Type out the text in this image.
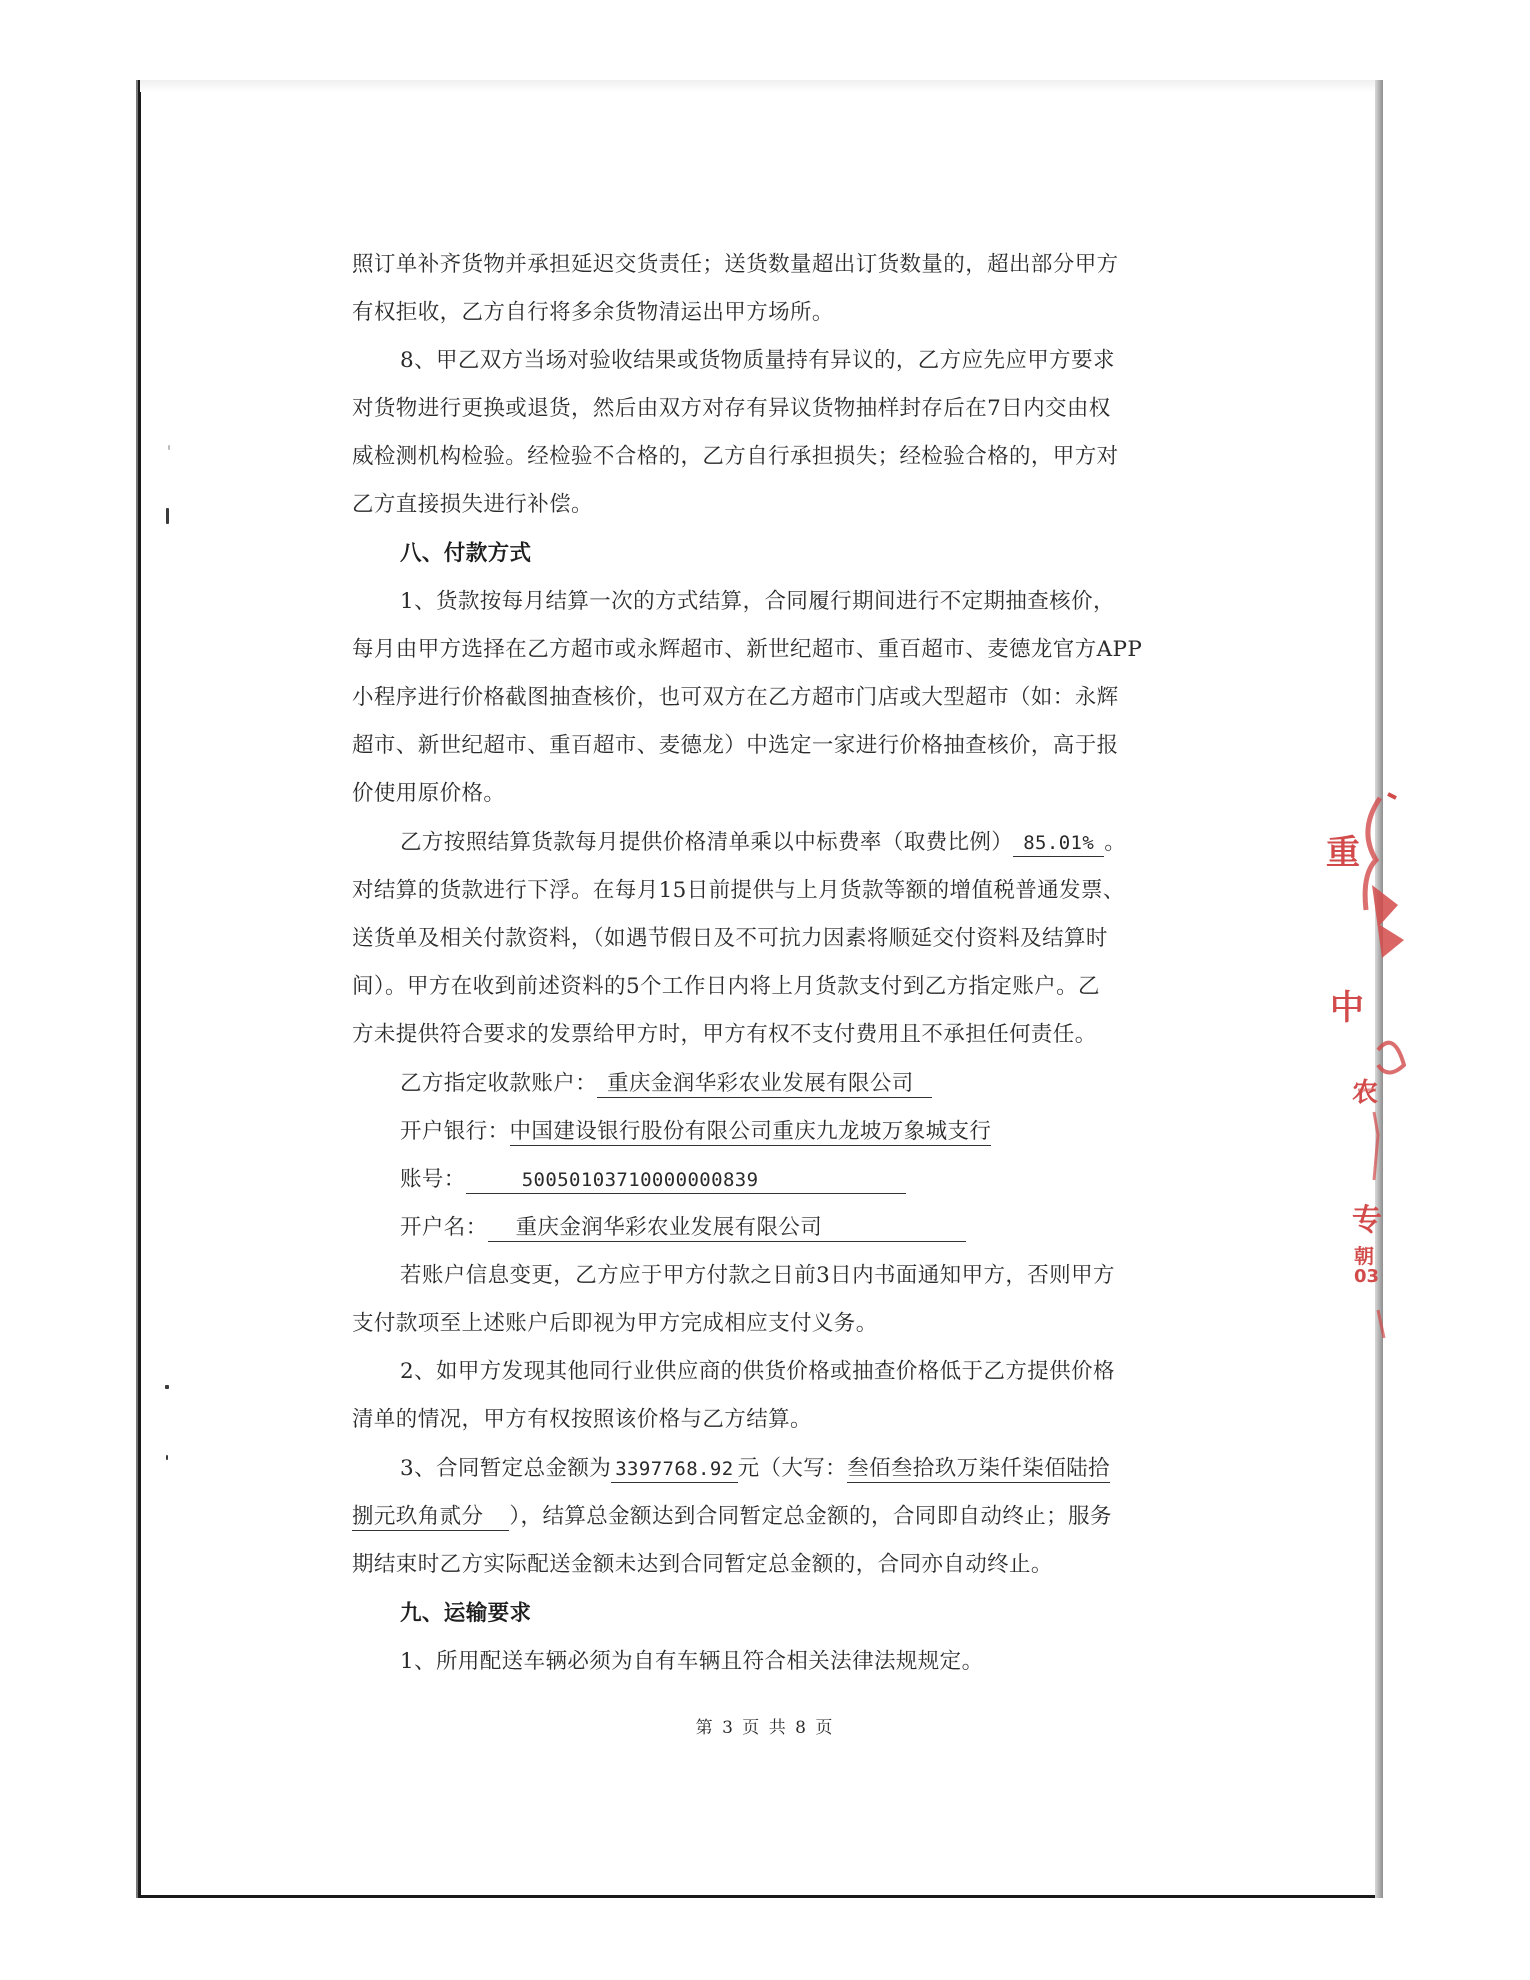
照订单补齐货物并承担延迟交货责任；送货数量超出订货数量的，超出部分甲方
有权拒收，乙方自行将多余货物清运出甲方场所。
8、甲乙双方当场对验收结果或货物质量持有异议的，乙方应先应甲方要求
对货物进行更换或退货，然后由双方对存有异议货物抽样封存后在7日内交由权
威检测机构检验。经检验不合格的，乙方自行承担损失；经检验合格的，甲方对
乙方直接损失进行补偿。
八、付款方式
1、货款按每月结算一次的方式结算，合同履行期间进行不定期抽查核价，
每月由甲方选择在乙方超市或永辉超市、新世纪超市、重百超市、麦德龙官方APP
小程序进行价格截图抽查核价，也可双方在乙方超市门店或大型超市（如：永辉
超市、新世纪超市、重百超市、麦德龙）中选定一家进行价格抽查核价，高于报
价使用原价格。
乙方按照结算货款每月提供价格清单乘以中标费率（取费比例） 85.01% 。
对结算的货款进行下浮。在每月15日前提供与上月货款等额的增值税普通发票、
送货单及相关付款资料，（如遇节假日及不可抗力因素将顺延交付资料及结算时
间）。甲方在收到前述资料的5个工作日内将上月货款支付到乙方指定账户。乙
方未提供符合要求的发票给甲方时，甲方有权不支付费用且不承担任何责任。
乙方指定收款账户： 重庆金润华彩农业发展有限公司
开户银行：中国建设银行股份有限公司重庆九龙坡万象城支行
账号：	50050103710000000839
开户名： 重庆金润华彩农业发展有限公司
若账户信息变更，乙方应于甲方付款之日前3日内书面通知甲方，否则甲方
支付款项至上述账户后即视为甲方完成相应支付义务。
2、如甲方发现其他同行业供应商的供货价格或抽查价格低于乙方提供价格
清单的情况，甲方有权按照该价格与乙方结算。
3、合同暂定总金额为 3397768.92 元（大写：叁佰叁拾玖万柒仟柒佰陆拾
捌元玖角贰分 ），结算总金额达到合同暂定总金额的，合同即自动终止；服务
期结束时乙方实际配送金额未达到合同暂定总金额的，合同亦自动终止。
九、运输要求
1、所用配送车辆必须为自有车辆且符合相关法律法规规定。
第 3 页 共 8 页
重
中
农
专
朝
03
